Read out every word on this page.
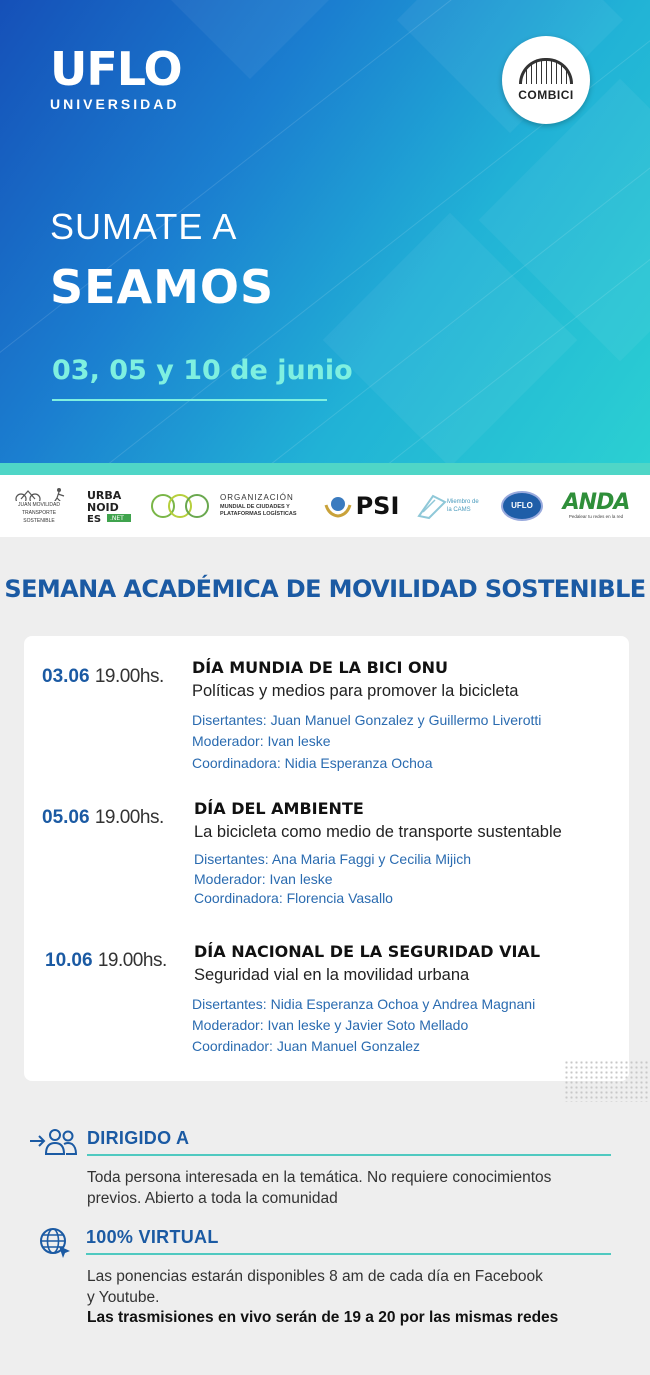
UFLO
UNIVERSIDAD
COMBICI
SUMATE A
SEAMOS
03, 05 y 10 de junio
JUAN MOVILIDAD TRANSPORTE SOSTENIBLE
URBA
NOID
ES .NET
ORGANIZACIÓN
MUNDIAL DE CIUDADES Y PLATAFORMAS LOGÍSTICAS	PSI	Miembro de la CAMS	UFLO	ANDA
Pedalear tu redes en la red
SEMANA ACADÉMICA DE MOVILIDAD SOSTENIBLE
03.06 19.00hs. DÍA MUNDIA DE LA BICI ONU
Políticas y medios para promover la bicicleta
Disertantes: Juan Manuel Gonzalez y Guillermo Liverotti
Moderador: Ivan leske
Coordinadora: Nidia Esperanza Ochoa
05.06 19.00hs. DÍA DEL AMBIENTE
La bicicleta como medio de transporte sustentable
Disertantes: Ana Maria Faggi y Cecilia Mijich
Moderador: Ivan leske
Coordinadora: Florencia Vasallo
10.06 19.00hs. DÍA NACIONAL DE LA SEGURIDAD VIAL
Seguridad vial en la movilidad urbana
Disertantes: Nidia Esperanza Ochoa y Andrea Magnani
Moderador: Ivan leske y Javier Soto Mellado
Coordinador: Juan Manuel Gonzalez
DIRIGIDO A
Toda persona interesada en la temática. No requiere conocimientos
previos. Abierto a toda la comunidad
100% VIRTUAL
Las ponencias estarán disponibles 8 am de cada día en Facebook
y Youtube.
Las trasmisiones en vivo serán de 19 a 20 por las mismas redes
